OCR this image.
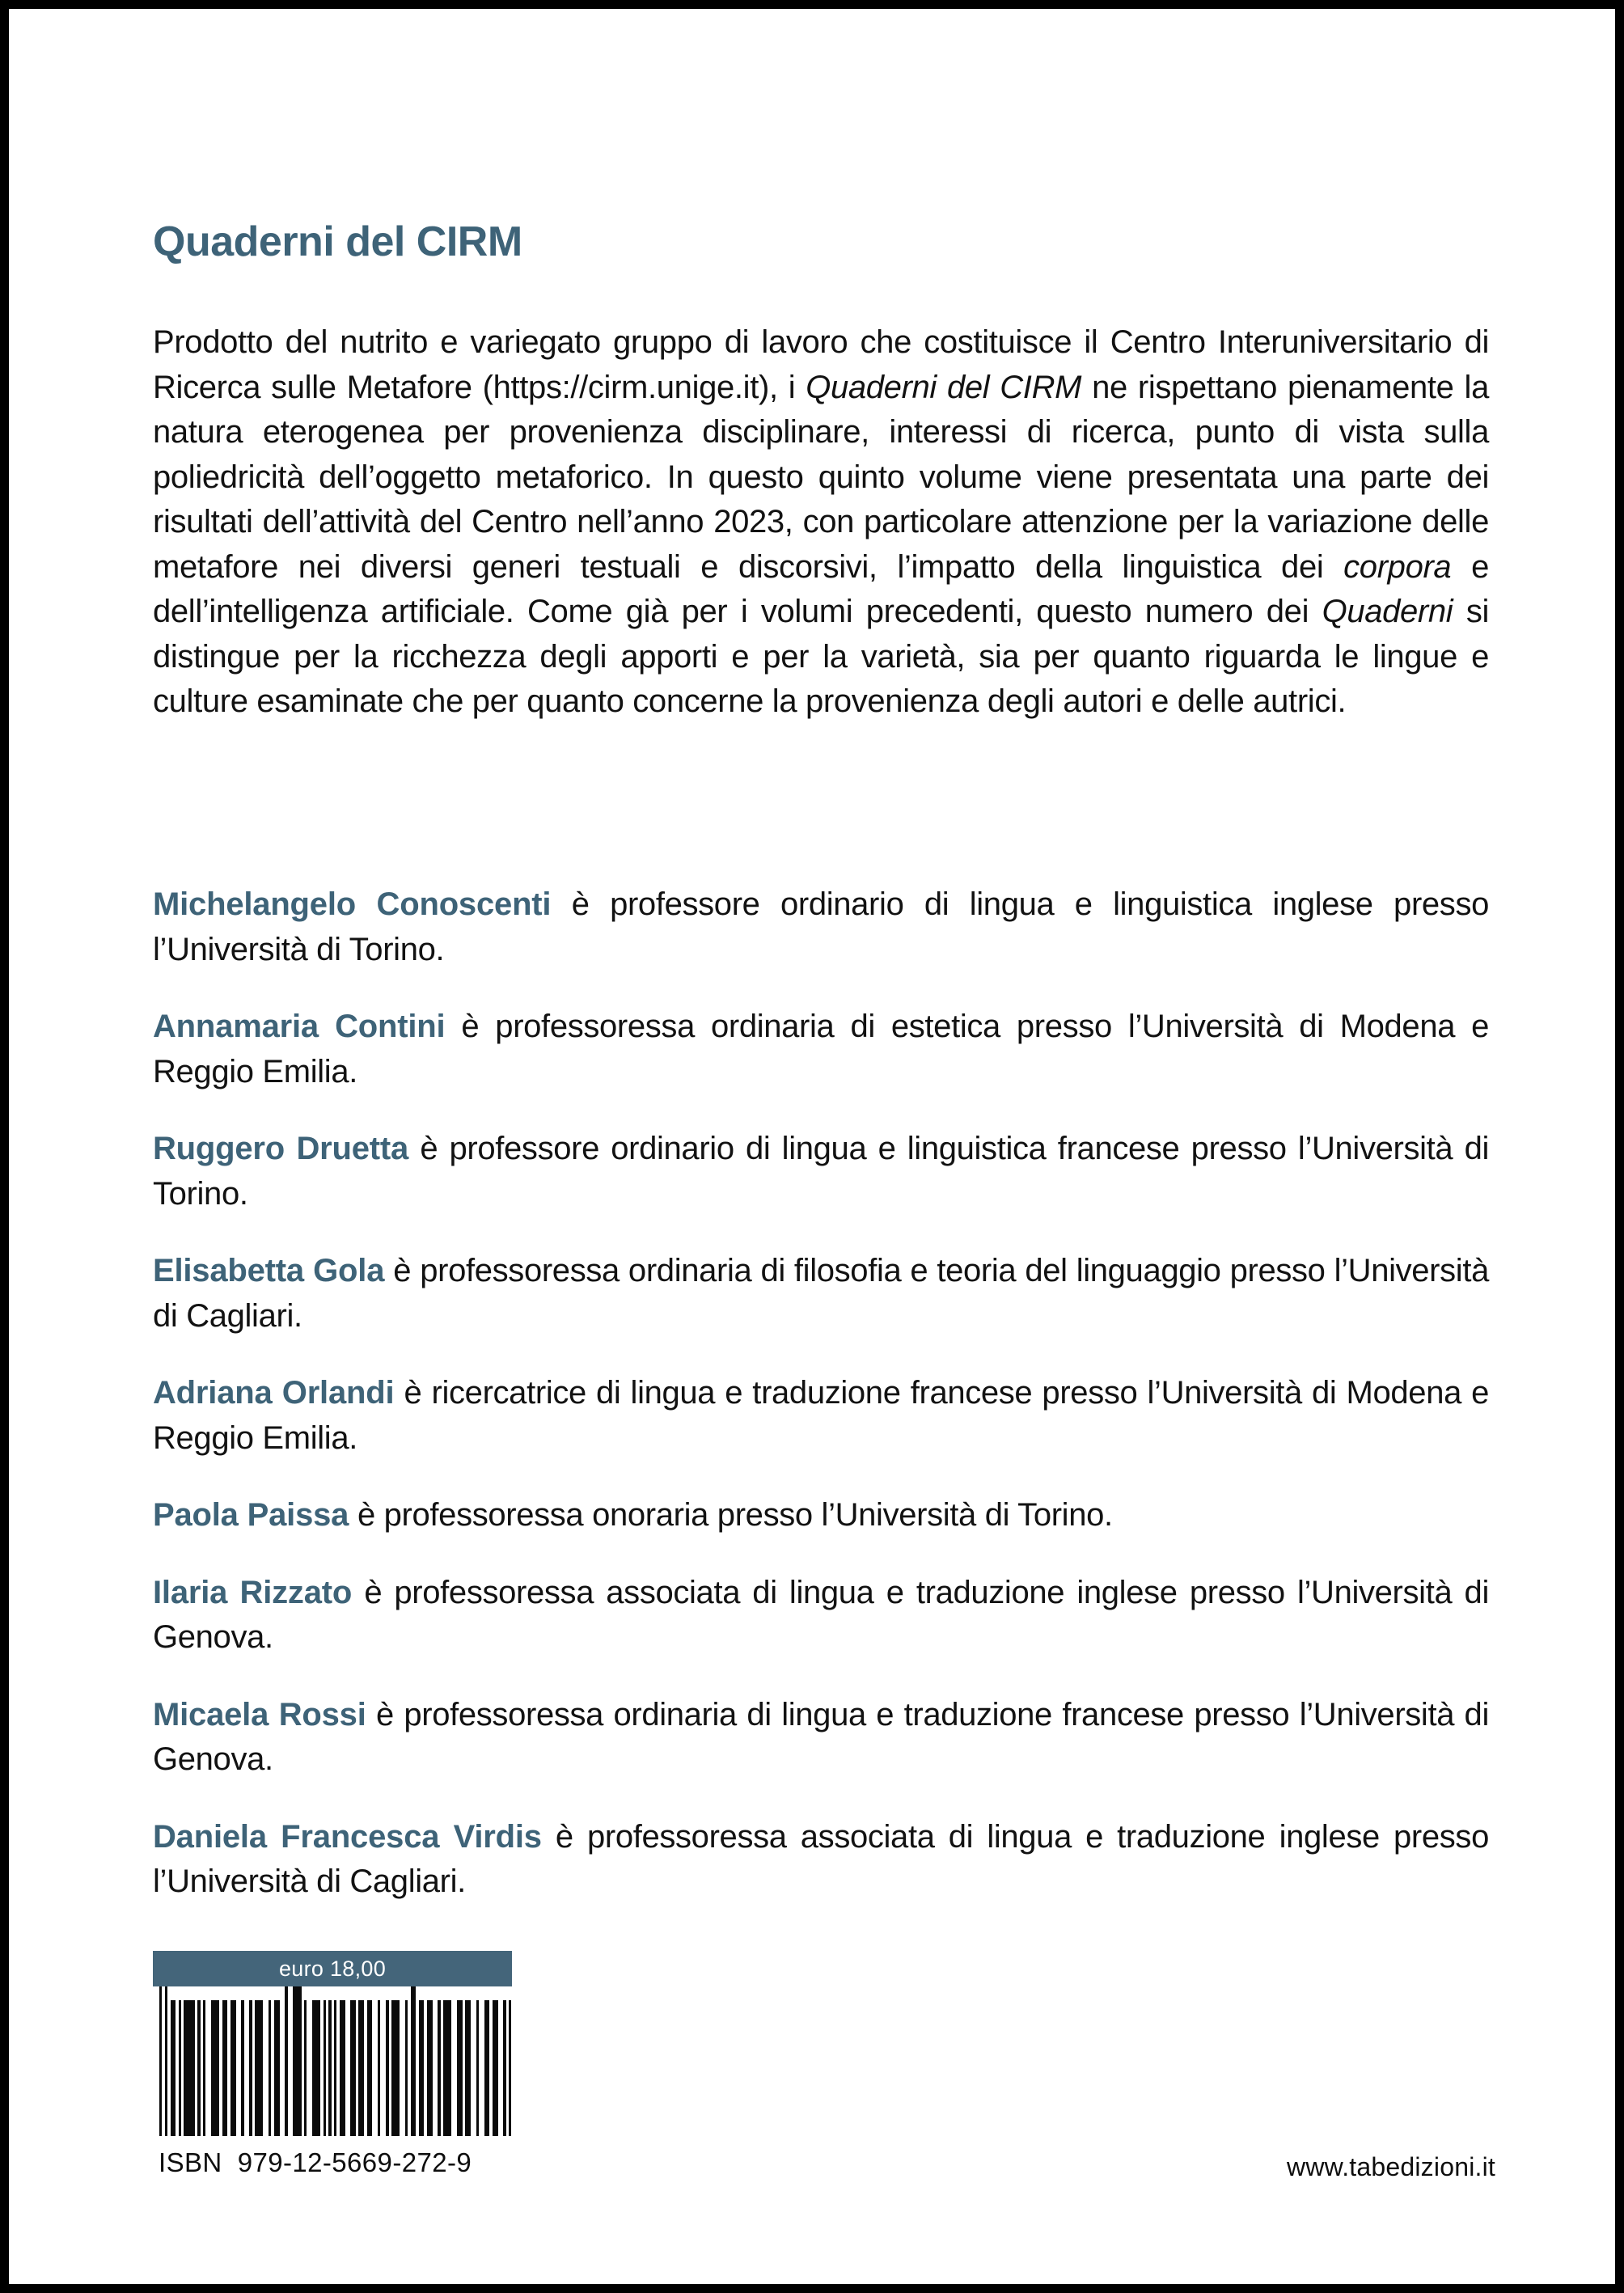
Quaderni del CIRM

Prodotto del nutrito e variegato gruppo di lavoro che costituisce il Centro Interuniversitario di Ricerca sulle Metafore (https://cirm.unige.it), i Quaderni del CIRM ne rispettano pienamente la natura eterogenea per provenienza disciplinare, interessi di ricerca, punto di vista sulla poliedricità dell’oggetto metaforico. In questo quinto volume viene presentata una parte dei risultati dell’attività del Centro nell’anno 2023, con particolare attenzione per la variazione delle metafore nei diversi generi testuali e discorsivi, l’impatto della linguistica dei corpora e dell’intelligenza artificiale. Come già per i volumi precedenti, questo numero dei Quaderni si distingue per la ricchezza degli apporti e per la varietà, sia per quanto riguarda le lingue e culture esaminate che per quanto concerne la provenienza degli autori e delle autrici.

Michelangelo Conoscenti è professore ordinario di lingua e linguistica inglese presso l’Università di Torino.

Annamaria Contini è professoressa ordinaria di estetica presso l’Università di Modena e Reggio Emilia.

Ruggero Druetta è professore ordinario di lingua e linguistica francese presso l’Università di Torino.

Elisabetta Gola è professoressa ordinaria di filosofia e teoria del linguaggio presso l’Università di Cagliari.

Adriana Orlandi è ricercatrice di lingua e traduzione francese presso l’Università di Modena e Reggio Emilia.

Paola Paissa è professoressa onoraria presso l’Università di Torino.

Ilaria Rizzato è professoressa associata di lingua e traduzione inglese presso l’Università di Genova.

Micaela Rossi è professoressa ordinaria di lingua e traduzione francese presso l’Università di Genova.

Daniela Francesca Virdis è professoressa associata di lingua e traduzione inglese presso l’Università di Cagliari.

euro 18,00
ISBN  979-12-5669-272-9	www.tabedizioni.it
